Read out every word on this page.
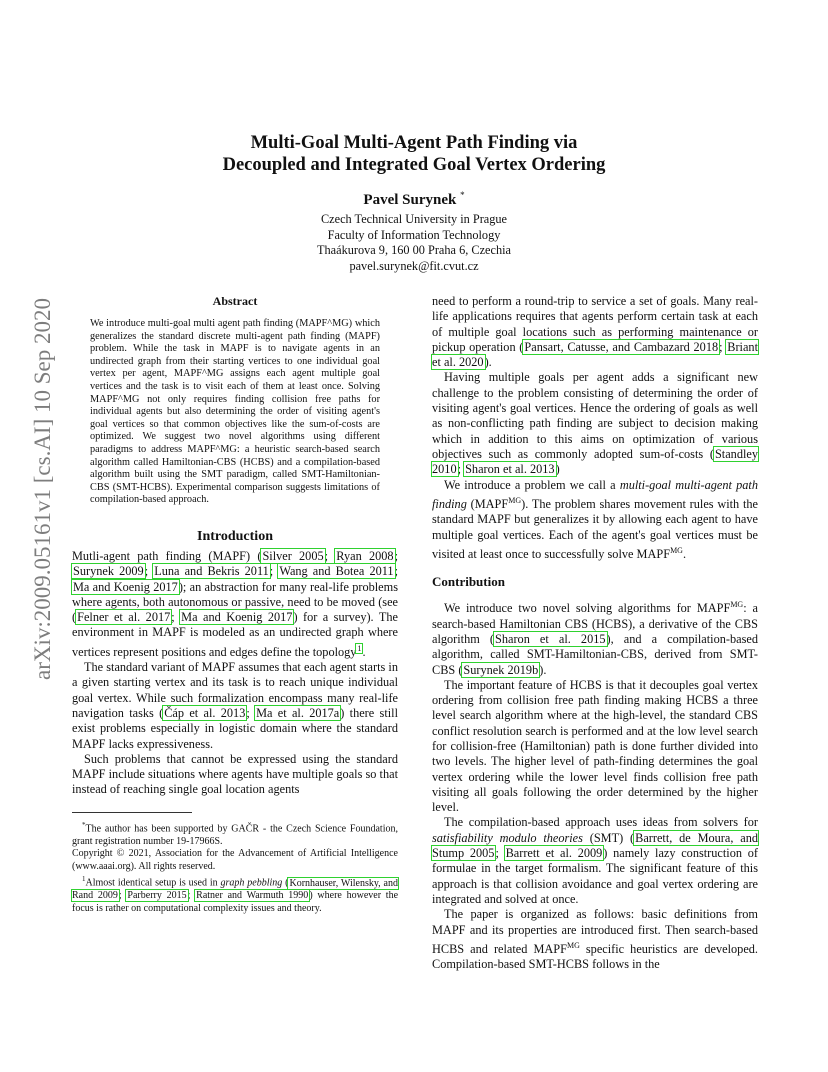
arXiv:2009.05161v1 [cs.AI] 10 Sep 2020
Multi-Goal Multi-Agent Path Finding via
Decoupled and Integrated Goal Vertex Ordering
Pavel Surynek *
Czech Technical University in Prague
Faculty of Information Technology
Thaákurova 9, 160 00 Praha 6, Czechia
pavel.surynek@fit.cvut.cz
Abstract

We introduce multi-goal multi agent path finding (MAPF^MG) which generalizes the standard discrete multi-agent path finding (MAPF) problem. While the task in MAPF is to navigate agents in an undirected graph from their starting vertices to one individual goal vertex per agent, MAPF^MG assigns each agent multiple goal vertices and the task is to visit each of them at least once. Solving MAPF^MG not only requires finding collision free paths for individual agents but also determining the order of visiting agent's goal vertices so that common objectives like the sum-of-costs are optimized. We suggest two novel algorithms using different paradigms to address MAPF^MG: a heuristic search-based search algorithm called Hamiltonian-CBS (HCBS) and a compilation-based algorithm built using the SMT paradigm, called SMT-Hamiltonian-CBS (SMT-HCBS). Experimental comparison suggests limitations of compilation-based approach.

Introduction

Mutli-agent path finding (MAPF) (Silver 2005; Ryan 2008; Surynek 2009; Luna and Bekris 2011; Wang and Botea 2011; Ma and Koenig 2017); an abstraction for many real-life problems where agents, both autonomous or passive, need to be moved (see (Felner et al. 2017; Ma and Koenig 2017) for a survey). The environment in MAPF is modeled as an undirected graph where vertices represent positions and edges define the topology$^1$.

The standard variant of MAPF assumes that each agent starts in a given starting vertex and its task is to reach unique individual goal vertex. While such formalization encompass many real-life navigation tasks (Čáp et al. 2013; Ma et al. 2017a) there still exist problems especially in logistic domain where the standard MAPF lacks expressiveness.

Such problems that cannot be expressed using the standard MAPF include situations where agents have multiple goals so that instead of reaching single goal location agents

*The author has been supported by GAČR - the Czech Science Foundation, grant registration number 19-17966S.

Copyright © 2021, Association for the Advancement of Artificial Intelligence (www.aaai.org). All rights reserved.

$^1$Almost identical setup is used in graph pebbling (Kornhauser, Wilensky, and Rand 2009; Parberry 2015; Ratner and Warmuth 1990) where however the focus is rather on computational complexity issues and theory.

need to perform a round-trip to service a set of goals. Many real-life applications requires that agents perform certain task at each of multiple goal locations such as performing maintenance or pickup operation (Pansart, Catusse, and Cambazard 2018; Briant et al. 2020).

Having multiple goals per agent adds a significant new challenge to the problem consisting of determining the order of visiting agent's goal vertices. Hence the ordering of goals as well as non-conflicting path finding are subject to decision making which in addition to this aims on optimization of various objectives such as commonly adopted sum-of-costs (Standley 2010; Sharon et al. 2013)

We introduce a problem we call a multi-goal multi-agent path finding $(MAPF^{MG})$. The problem shares movement rules with the standard MAPF but generalizes it by allowing each agent to have multiple goal vertices. Each of the agent's goal vertices must be visited at least once to successfully solve $MAPF^{MG}$.

Contribution

We introduce two novel solving algorithms for $MAPF^{MG}$: a search-based Hamiltonian CBS (HCBS), a derivative of the CBS algorithm (Sharon et al. 2015), and a compilation-based algorithm, called SMT-Hamiltonian-CBS, derived from SMT-CBS (Surynek 2019b).

The important feature of HCBS is that it decouples goal vertex ordering from collision free path finding making HCBS a three level search algorithm where at the high-level, the standard CBS conflict resolution search is performed and at the low level search for collision-free (Hamiltonian) path is done further divided into two levels. The higher level of path-finding determines the goal vertex ordering while the lower level finds collision free path visiting all goals following the order determined by the higher level.

The compilation-based approach uses ideas from solvers for satisfiability modulo theories (SMT) (Barrett, de Moura, and Stump 2005; Barrett et al. 2009) namely lazy construction of formulae in the target formalism. The significant feature of this approach is that collision avoidance and goal vertex ordering are integrated and solved at once.

The paper is organized as follows: basic definitions from MAPF and its properties are introduced first. Then search-based HCBS and related $MAPF^{MG}$ specific heuristics are developed. Compilation-based SMT-HCBS follows in the
